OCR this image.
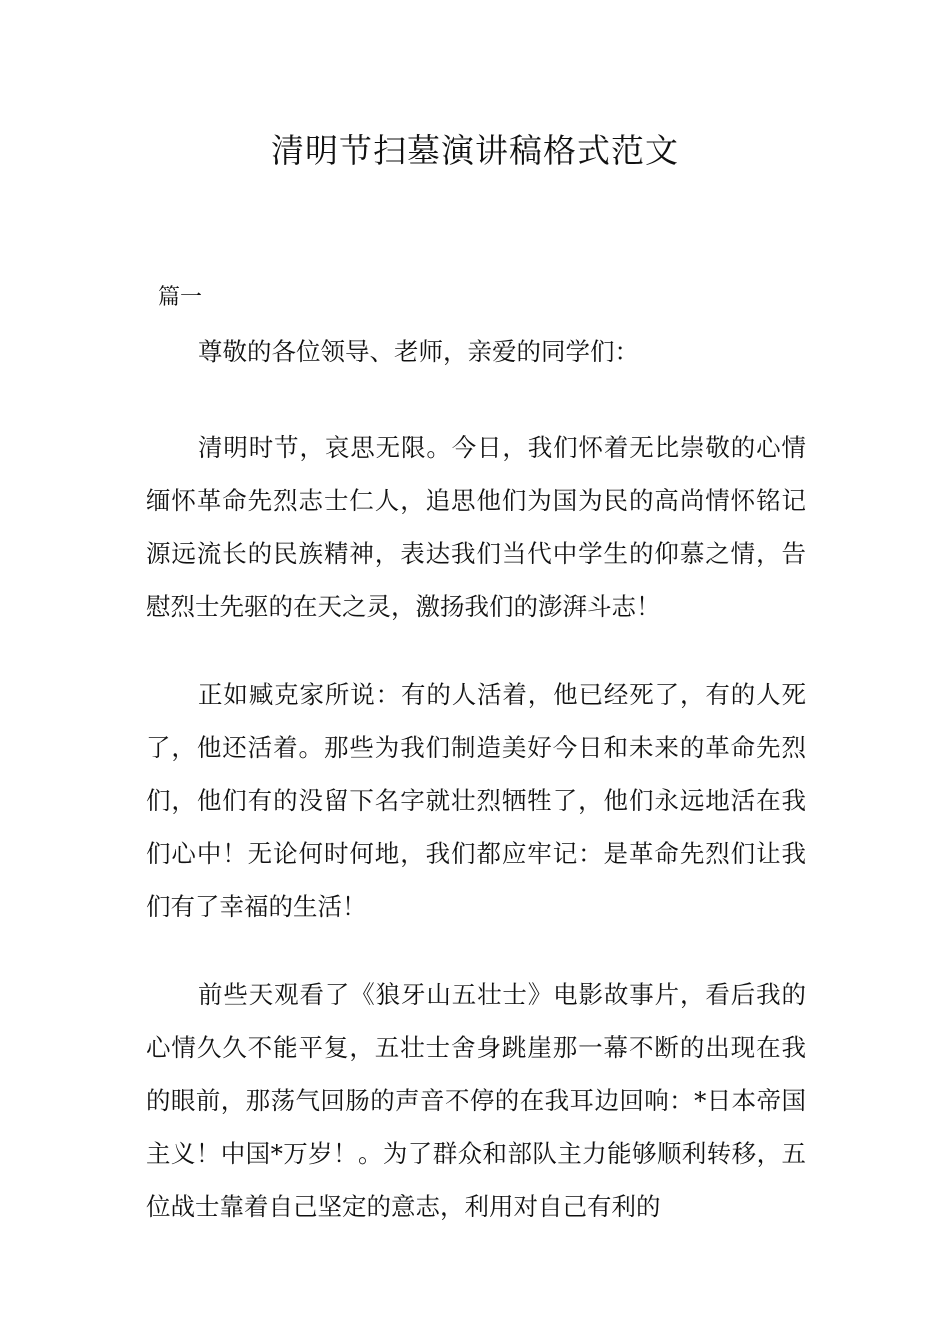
清明节扫墓演讲稿格式范文

篇一

尊敬的各位领导、老师，亲爱的同学们：

清明时节，哀思无限。今日，我们怀着无比崇敬的心情缅怀革命先烈志士仁人，追思他们为国为民的高尚情怀铭记源远流长的民族精神，表达我们当代中学生的仰慕之情，告慰烈士先驱的在天之灵，激扬我们的澎湃斗志！

正如臧克家所说：有的人活着，他已经死了，有的人死了，他还活着。那些为我们制造美好今日和未来的革命先烈们，他们有的没留下名字就壮烈牺牲了，他们永远地活在我们心中！无论何时何地，我们都应牢记：是革命先烈们让我们有了幸福的生活！

前些天观看了《狼牙山五壮士》电影故事片，看后我的心情久久不能平复，五壮士舍身跳崖那一幕不断的出现在我的眼前，那荡气回肠的声音不停的在我耳边回响：*日本帝国主义！中国*万岁！。为了群众和部队主力能够顺利转移，五位战士靠着自己坚定的意志，利用对自己有利的
